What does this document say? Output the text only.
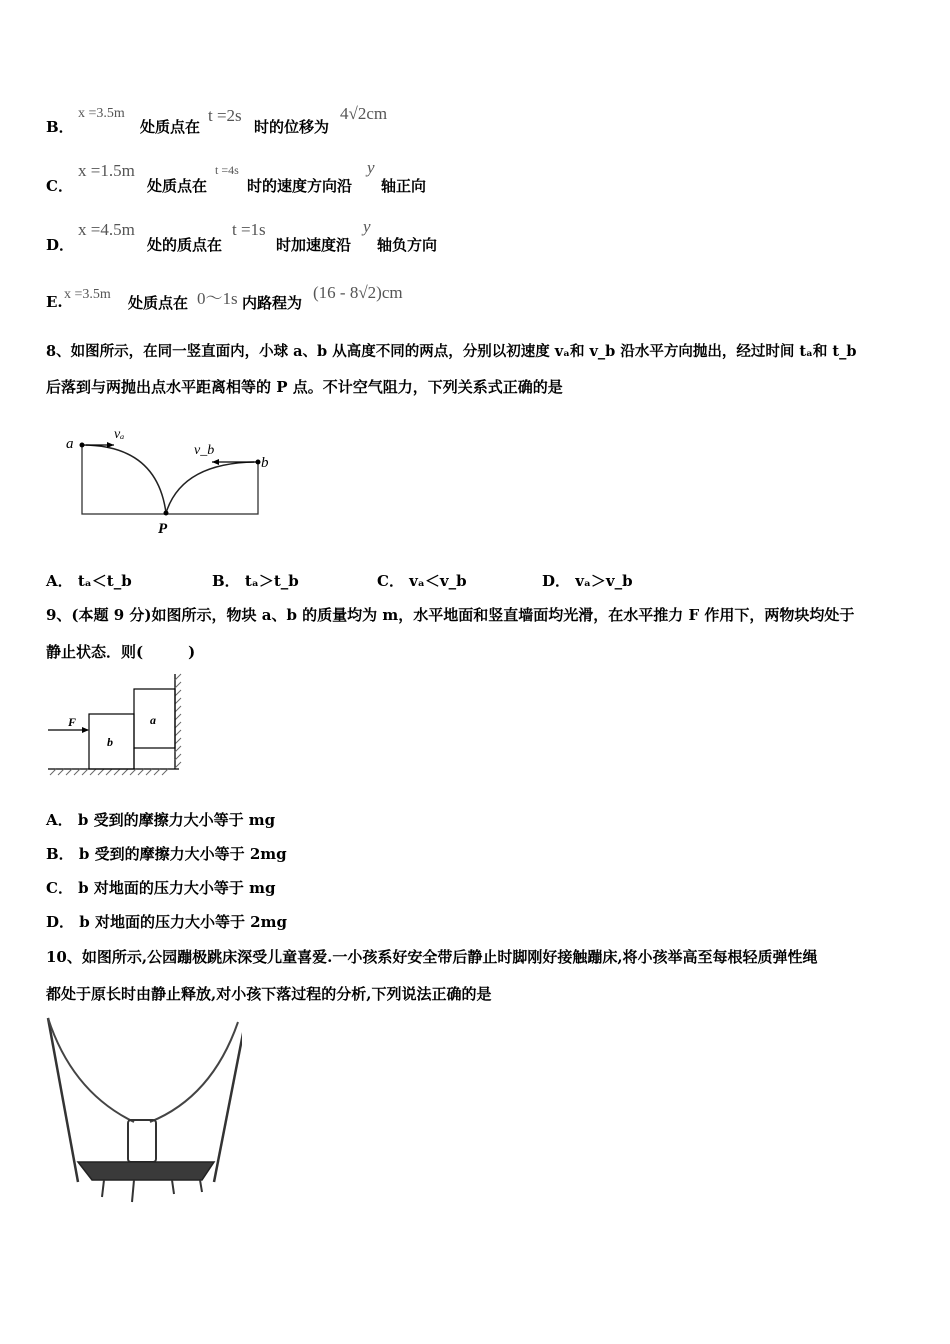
B．
x =3.5m
处质点在
t =2s
时的位移为
4√2cm
C．
x =1.5m
处质点在
t =4s
时的速度方向沿
y
轴正向
D．
x =4.5m
处的质点在
t =1s
时加速度沿
y
轴负方向
E. x =3.5m 处质点在 0～1s 内路程为
(16 - 8√2)cm
8、如图所示，在同一竖直面内，小球 a、b 从高度不同的两点，分别以初速度 vₐ和 v_b 沿水平方向抛出，经过时间 tₐ和 t_b
后落到与两抛出点水平距离相等的 P 点。不计空气阻力，下列关系式正确的是
a
vₐ
v_b
b
P
A． tₐ＜t_b	B． tₐ＞t_b	C． vₐ＜v_b	D． vₐ＞v_b
9、(本题 9 分)如图所示，物块 a、b 的质量均为 m，水平地面和竖直墙面均光滑，在水平推力 F 作用下，两物块均处于
静止状态．则(　　　)
F
b
a
A． b 受到的摩擦力大小等于 mg
B． b 受到的摩擦力大小等于 2mg
C． b 对地面的压力大小等于 mg
D． b 对地面的压力大小等于 2mg
10、如图所示,公园蹦极跳床深受儿童喜爱.一小孩系好安全带后静止时脚刚好接触蹦床,将小孩举高至每根轻质弹性绳
都处于原长时由静止释放,对小孩下落过程的分析,下列说法正确的是
